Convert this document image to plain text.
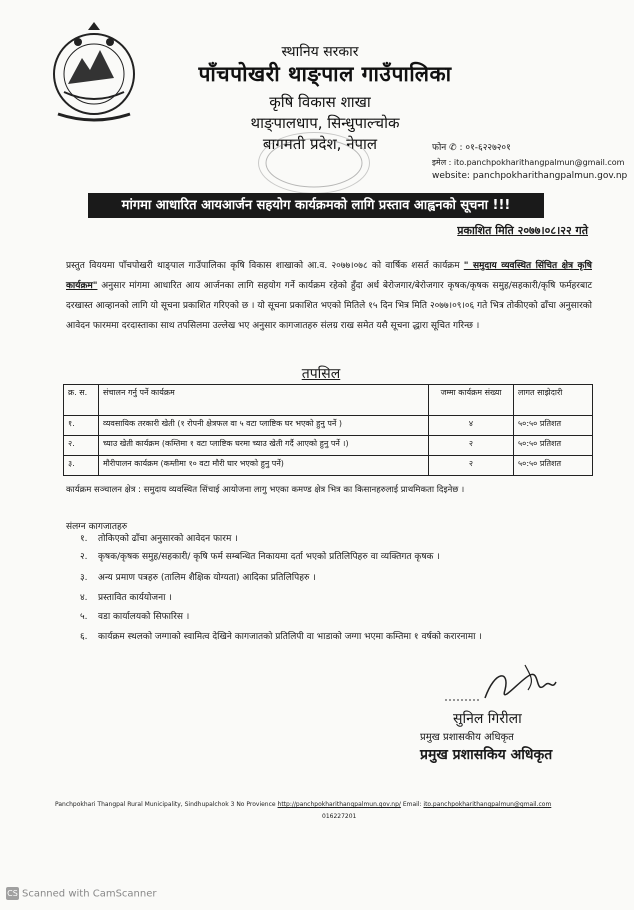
स्थानिय सरकार
पाँचपोखरी थाङ्पाल गाउँपालिका
कृषि विकास शाखा
थाङ्पालधाप, सिन्धुपाल्चोक
बागमती प्रदेश, नेपाल	फोन ✆ : ०१-६२२७२०१
इमेल : ito.panchpokharithangpalmun@gmail.com
website: panchpokharithangpalmun.gov.np
मांगमा आधारित आयआर्जन सहयोग कार्यक्रमको लागि प्रस्ताव आह्वनको सूचना !!!
प्रकाशित मिति २०७७।०८।२२ गते
प्रस्तुत विययमा पाँचपोखरी थाङ्पाल गाउँपालिका कृषि विकास शाखाको आ.व. २०७७।०७८ को वार्षिक शसर्त कार्यक्रम " समुदाय व्यवस्थित सिंचित क्षेत्र कृषि कार्यक्रम" अनुसार मांगमा आधारित आय आर्जनका लागि सहयोग गर्ने कार्यक्रम रहेको हुँदा अर्ध बेरोजगार/बेरोजगार कृषक/कृषक समुह/सहकारी/कृषि फर्महरबाट दरखास्त आव्हानको लागि यो सूचना प्रकाशित गरिएको छ । यो सूचना प्रकाशित भएको मितिले १५ दिन भित्र मिति २०७७।०९।०६ गते भित्र तोकीएको ढाँचा अनुसारको आवेदन फारममा दरदास्ताका साथ तपसिलमा उल्लेख भए अनुसार कागजातहरु संलग्र राख समेत यसै सूचना द्धारा सूचित गरिन्छ ।
तपसिल
क्र. स.	संचालन गर्नु पर्ने कार्यक्रम	जम्मा कार्यक्रम संख्या	लागत साझेदारी
१.	व्यवसायिक तरकारी खेती (१ रोपनी क्षेत्रफल वा ५ वटा प्लाष्टिक घर भएको हुनु पर्ने )	४	५०:५० प्रतिशत
२.	च्याउ खेती कार्यक्रम (कम्तिमा १ वटा प्लाष्टिक घरमा च्याउ खेती गर्दै आएको हुनु पर्ने ।)	२	५०:५० प्रतिशत
३.	मौरीपालन कार्यक्रम (कम्तीमा १० वटा मौरी घार भएको हुनु पर्ने)	२	५०:५० प्रतिशत
कार्यक्रम सञ्चालन क्षेत्र : समुदाय व्यवस्थित सिंचाई आयोजना लागु भएका कमण्ड क्षेत्र भित्र का किसानहरुलाई प्राथमिकता दिइनेछ ।
संलग्न कागजातहरु
१. तोकिएको ढाँचा अनुसारको आवेदन फारम ।
२. कृषक/कृषक समुह/सहकारी/ कृषि फर्म सम्बन्धित निकायमा दर्ता भएको प्रतिलिपिहरु वा व्यक्तिगत कृषक ।
३. अन्य प्रमाण पत्रहरु (तालिम शैक्षिक योग्यता) आदिका प्रतिलिपिहरु ।
४. प्रस्तावित कार्ययोजना ।
५. वडा कार्यालयको सिफारिस ।
६. कार्यक्रम स्थलको जग्गाको स्वामित्व देखिने कागजातको प्रतिलिपी वा भाडाको जग्गा भएमा कम्तिमा १ वर्षको करारनामा ।
सुनिल गिरीला
प्रमुख प्रशासकीय अधिकृत
प्रमुख प्रशासकिय अधिकृत
Panchpokhari Thangpal Rural Municipality, Sindhupalchok 3 No Provience http://panchpokharithangpalmun.gov.np/ Email: ito.panchpokharithangpalmun@gmail.com
016227201
CS Scanned with CamScanner
